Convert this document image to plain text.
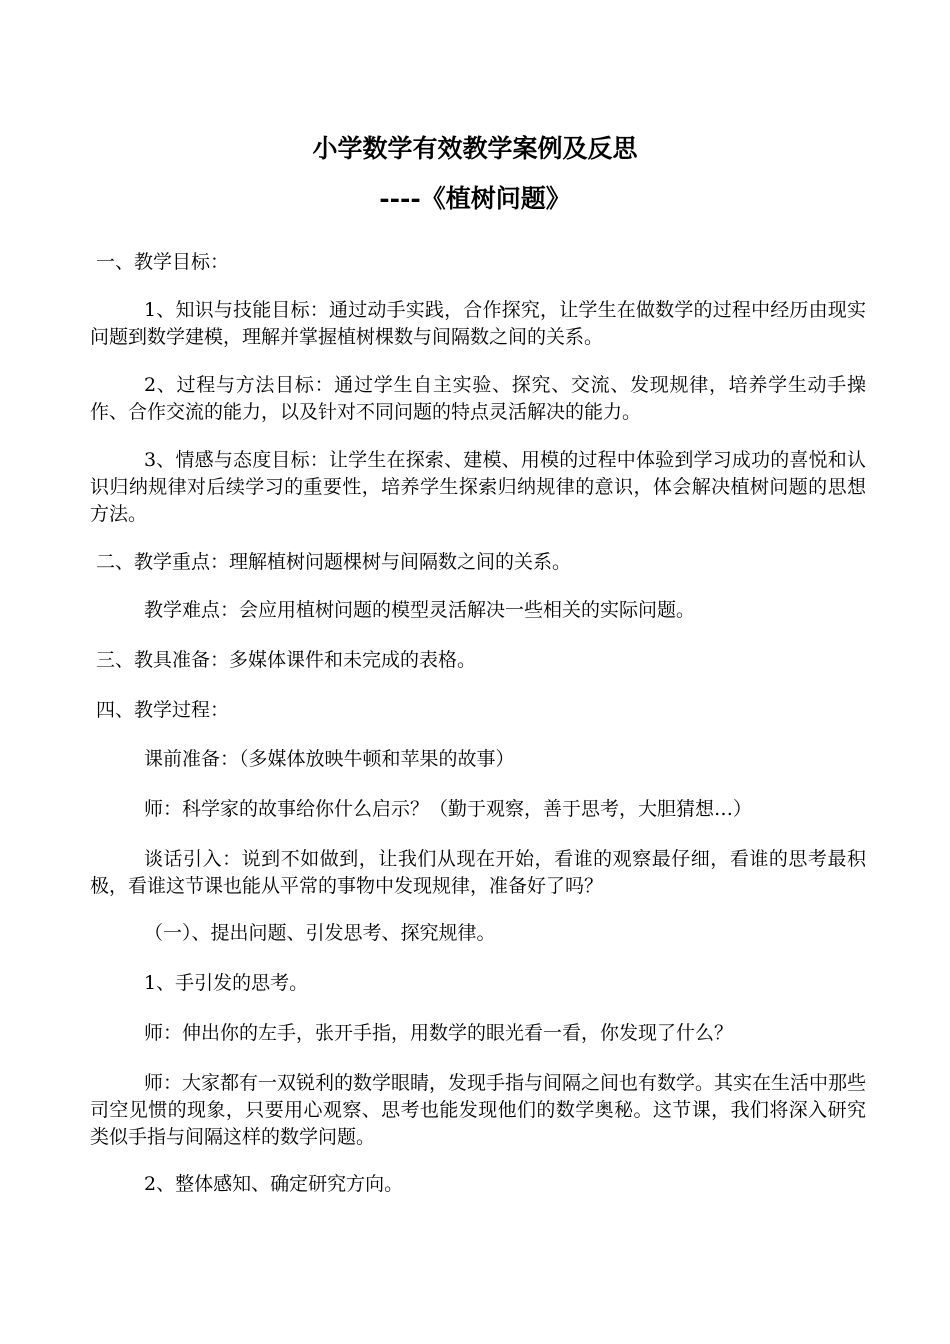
小学数学有效教学案例及反思
----《植树问题》
一、教学目标：
1、知识与技能目标：通过动手实践，合作探究，让学生在做数学的过程中经历由现实问题到数学建模，理解并掌握植树棵数与间隔数之间的关系。
2、过程与方法目标：通过学生自主实验、探究、交流、发现规律，培养学生动手操作、合作交流的能力，以及针对不同问题的特点灵活解决的能力。
3、情感与态度目标：让学生在探索、建模、用模的过程中体验到学习成功的喜悦和认识归纳规律对后续学习的重要性，培养学生探索归纳规律的意识，体会解决植树问题的思想方法。
二、教学重点：理解植树问题棵树与间隔数之间的关系。
教学难点：会应用植树问题的模型灵活解决一些相关的实际问题。
三、教具准备：多媒体课件和未完成的表格。
四、教学过程：
课前准备：（多媒体放映牛顿和苹果的故事）
师：科学家的故事给你什么启示？（勤于观察，善于思考，大胆猜想…）
谈话引入：说到不如做到，让我们从现在开始，看谁的观察最仔细，看谁的思考最积极，看谁这节课也能从平常的事物中发现规律，准备好了吗？
（一）、提出问题、引发思考、探究规律。
1、手引发的思考。
师：伸出你的左手，张开手指，用数学的眼光看一看，你发现了什么？
师：大家都有一双锐利的数学眼睛，发现手指与间隔之间也有数学。其实在生活中那些司空见惯的现象，只要用心观察、思考也能发现他们的数学奥秘。这节课，我们将深入研究类似手指与间隔这样的数学问题。
2、整体感知、确定研究方向。
